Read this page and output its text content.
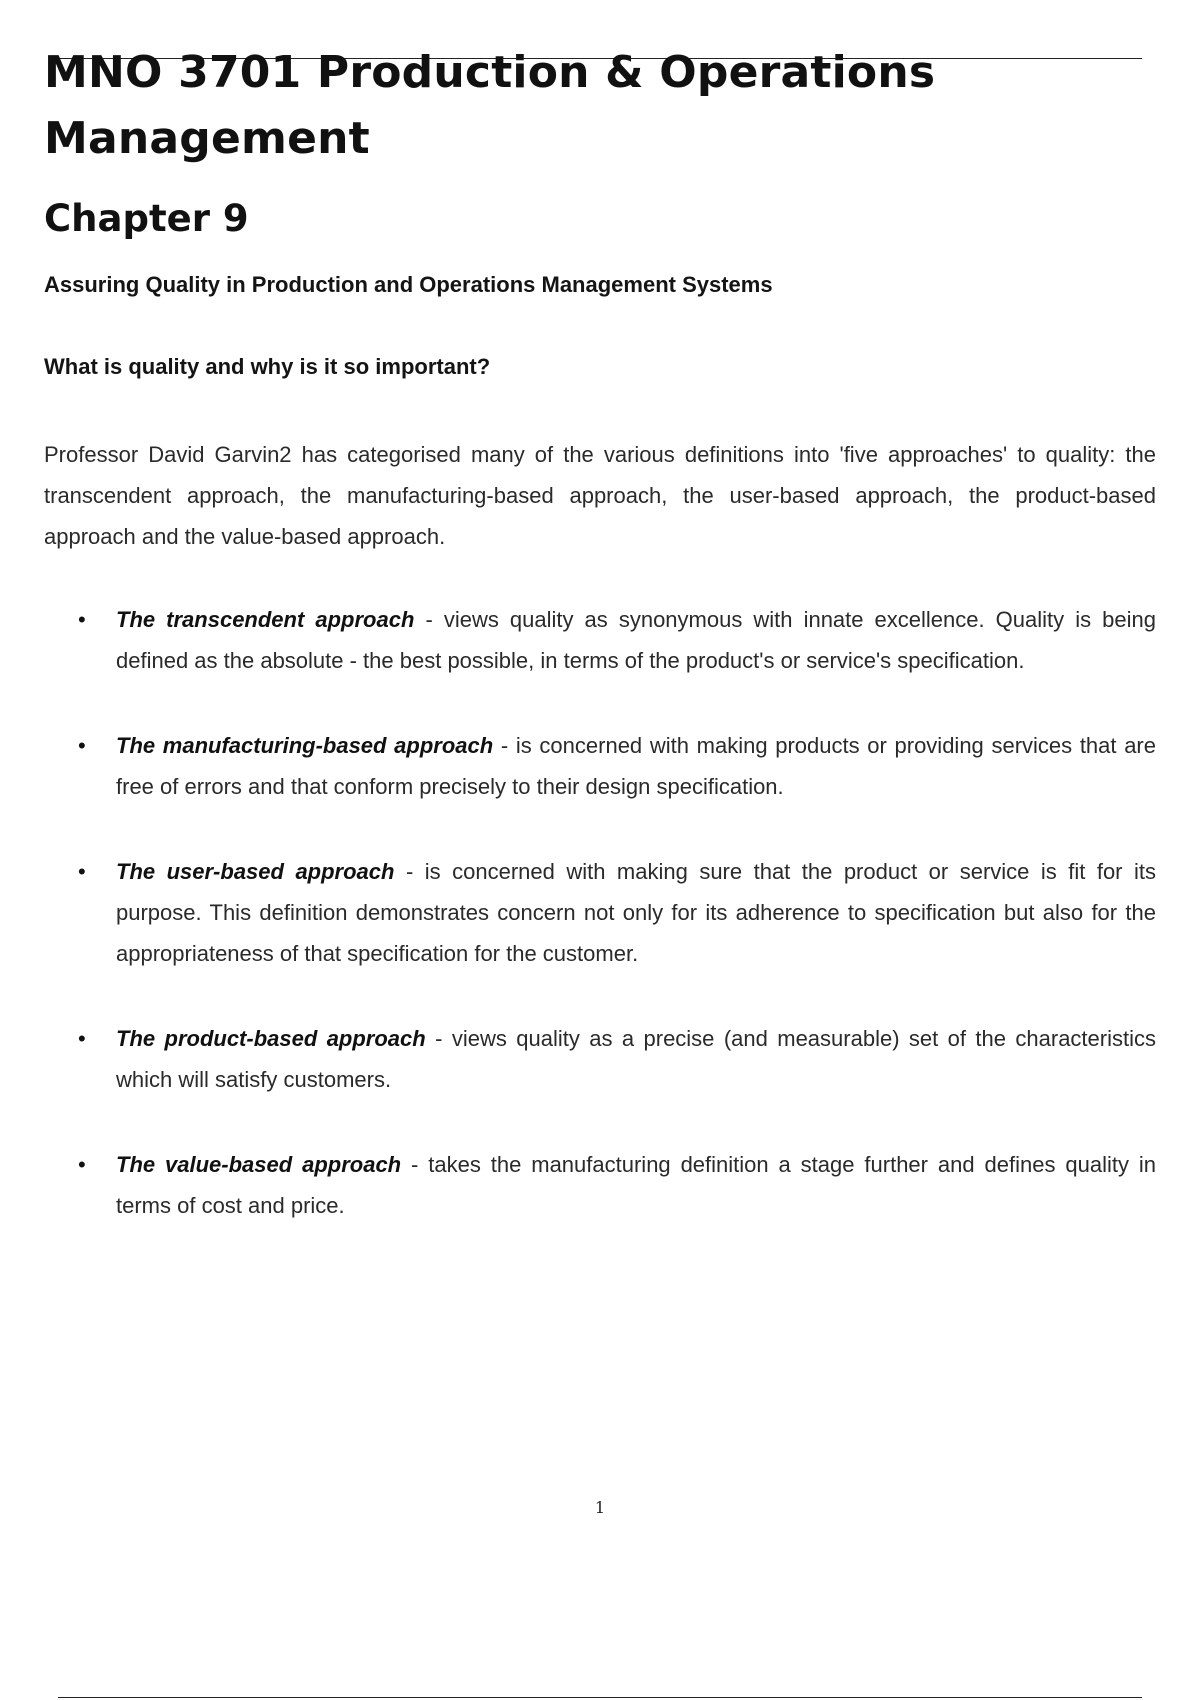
MNO 3701 Production & Operations Management
Chapter 9

Assuring Quality in Production and Operations Management Systems

What is quality and why is it so important?

Professor David Garvin2 has categorised many of the various definitions into 'five approaches' to quality: the transcendent approach, the manufacturing-based approach, the user-based approach, the product-based approach and the value-based approach.

• The transcendent approach - views quality as synonymous with innate excellence. Quality is being defined as the absolute - the best possible, in terms of the product's or service's specification.
• The manufacturing-based approach - is concerned with making products or providing services that are free of errors and that conform precisely to their design specification.
• The user-based approach - is concerned with making sure that the product or service is fit for its purpose. This definition demonstrates concern not only for its adherence to specification but also for the appropriateness of that specification for the customer.
• The product-based approach - views quality as a precise (and measurable) set of the characteristics which will satisfy customers.
• The value-based approach - takes the manufacturing definition a stage further and defines quality in terms of cost and price.
1
